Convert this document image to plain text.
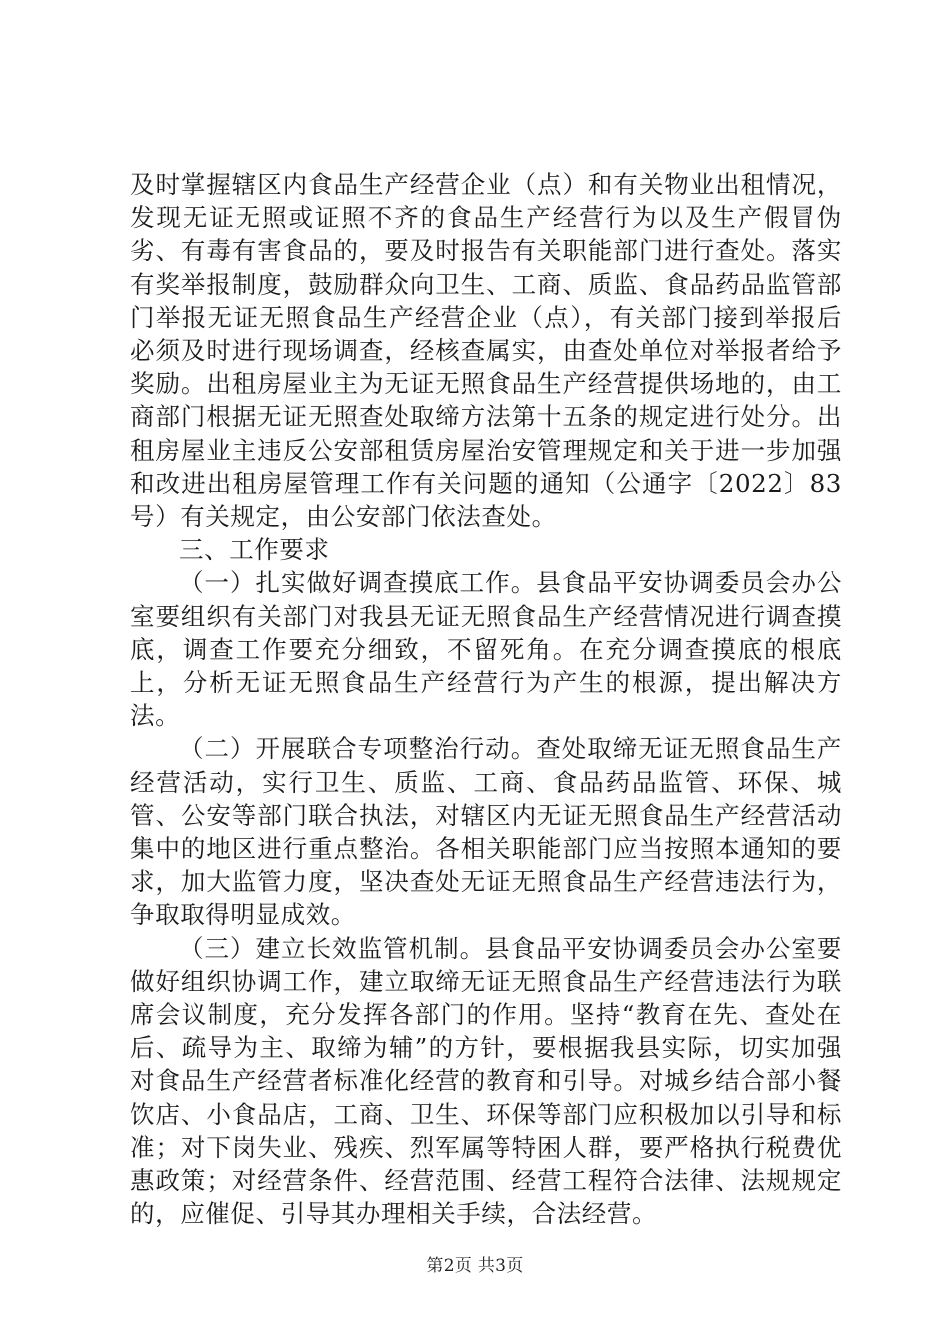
及时掌握辖区内食品生产经营企业（点）和有关物业出租情况，发现无证无照或证照不齐的食品生产经营行为以及生产假冒伪劣、有毒有害食品的，要及时报告有关职能部门进行查处。落实有奖举报制度，鼓励群众向卫生、工商、质监、食品药品监管部门举报无证无照食品生产经营企业（点），有关部门接到举报后必须及时进行现场调查，经核查属实，由查处单位对举报者给予奖励。出租房屋业主为无证无照食品生产经营提供场地的，由工商部门根据无证无照查处取缔方法第十五条的规定进行处分。出租房屋业主违反公安部租赁房屋治安管理规定和关于进一步加强和改进出租房屋管理工作有关问题的通知（公通字〔2022〕83号）有关规定，由公安部门依法查处。

三、工作要求

（一）扎实做好调查摸底工作。县食品平安协调委员会办公室要组织有关部门对我县无证无照食品生产经营情况进行调查摸底，调查工作要充分细致，不留死角。在充分调查摸底的根底上，分析无证无照食品生产经营行为产生的根源，提出解决方法。

（二）开展联合专项整治行动。查处取缔无证无照食品生产经营活动，实行卫生、质监、工商、食品药品监管、环保、城管、公安等部门联合执法，对辖区内无证无照食品生产经营活动集中的地区进行重点整治。各相关职能部门应当按照本通知的要求，加大监管力度，坚决查处无证无照食品生产经营违法行为，争取取得明显成效。

（三）建立长效监管机制。县食品平安协调委员会办公室要做好组织协调工作，建立取缔无证无照食品生产经营违法行为联席会议制度，充分发挥各部门的作用。坚持“教育在先、查处在后、疏导为主、取缔为辅”的方针，要根据我县实际，切实加强对食品生产经营者标准化经营的教育和引导。对城乡结合部小餐饮店、小食品店，工商、卫生、环保等部门应积极加以引导和标准；对下岗失业、残疾、烈军属等特困人群，要严格执行税费优惠政策；对经营条件、经营范围、经营工程符合法律、法规规定的，应催促、引导其办理相关手续，合法经营。

第2页 共3页
